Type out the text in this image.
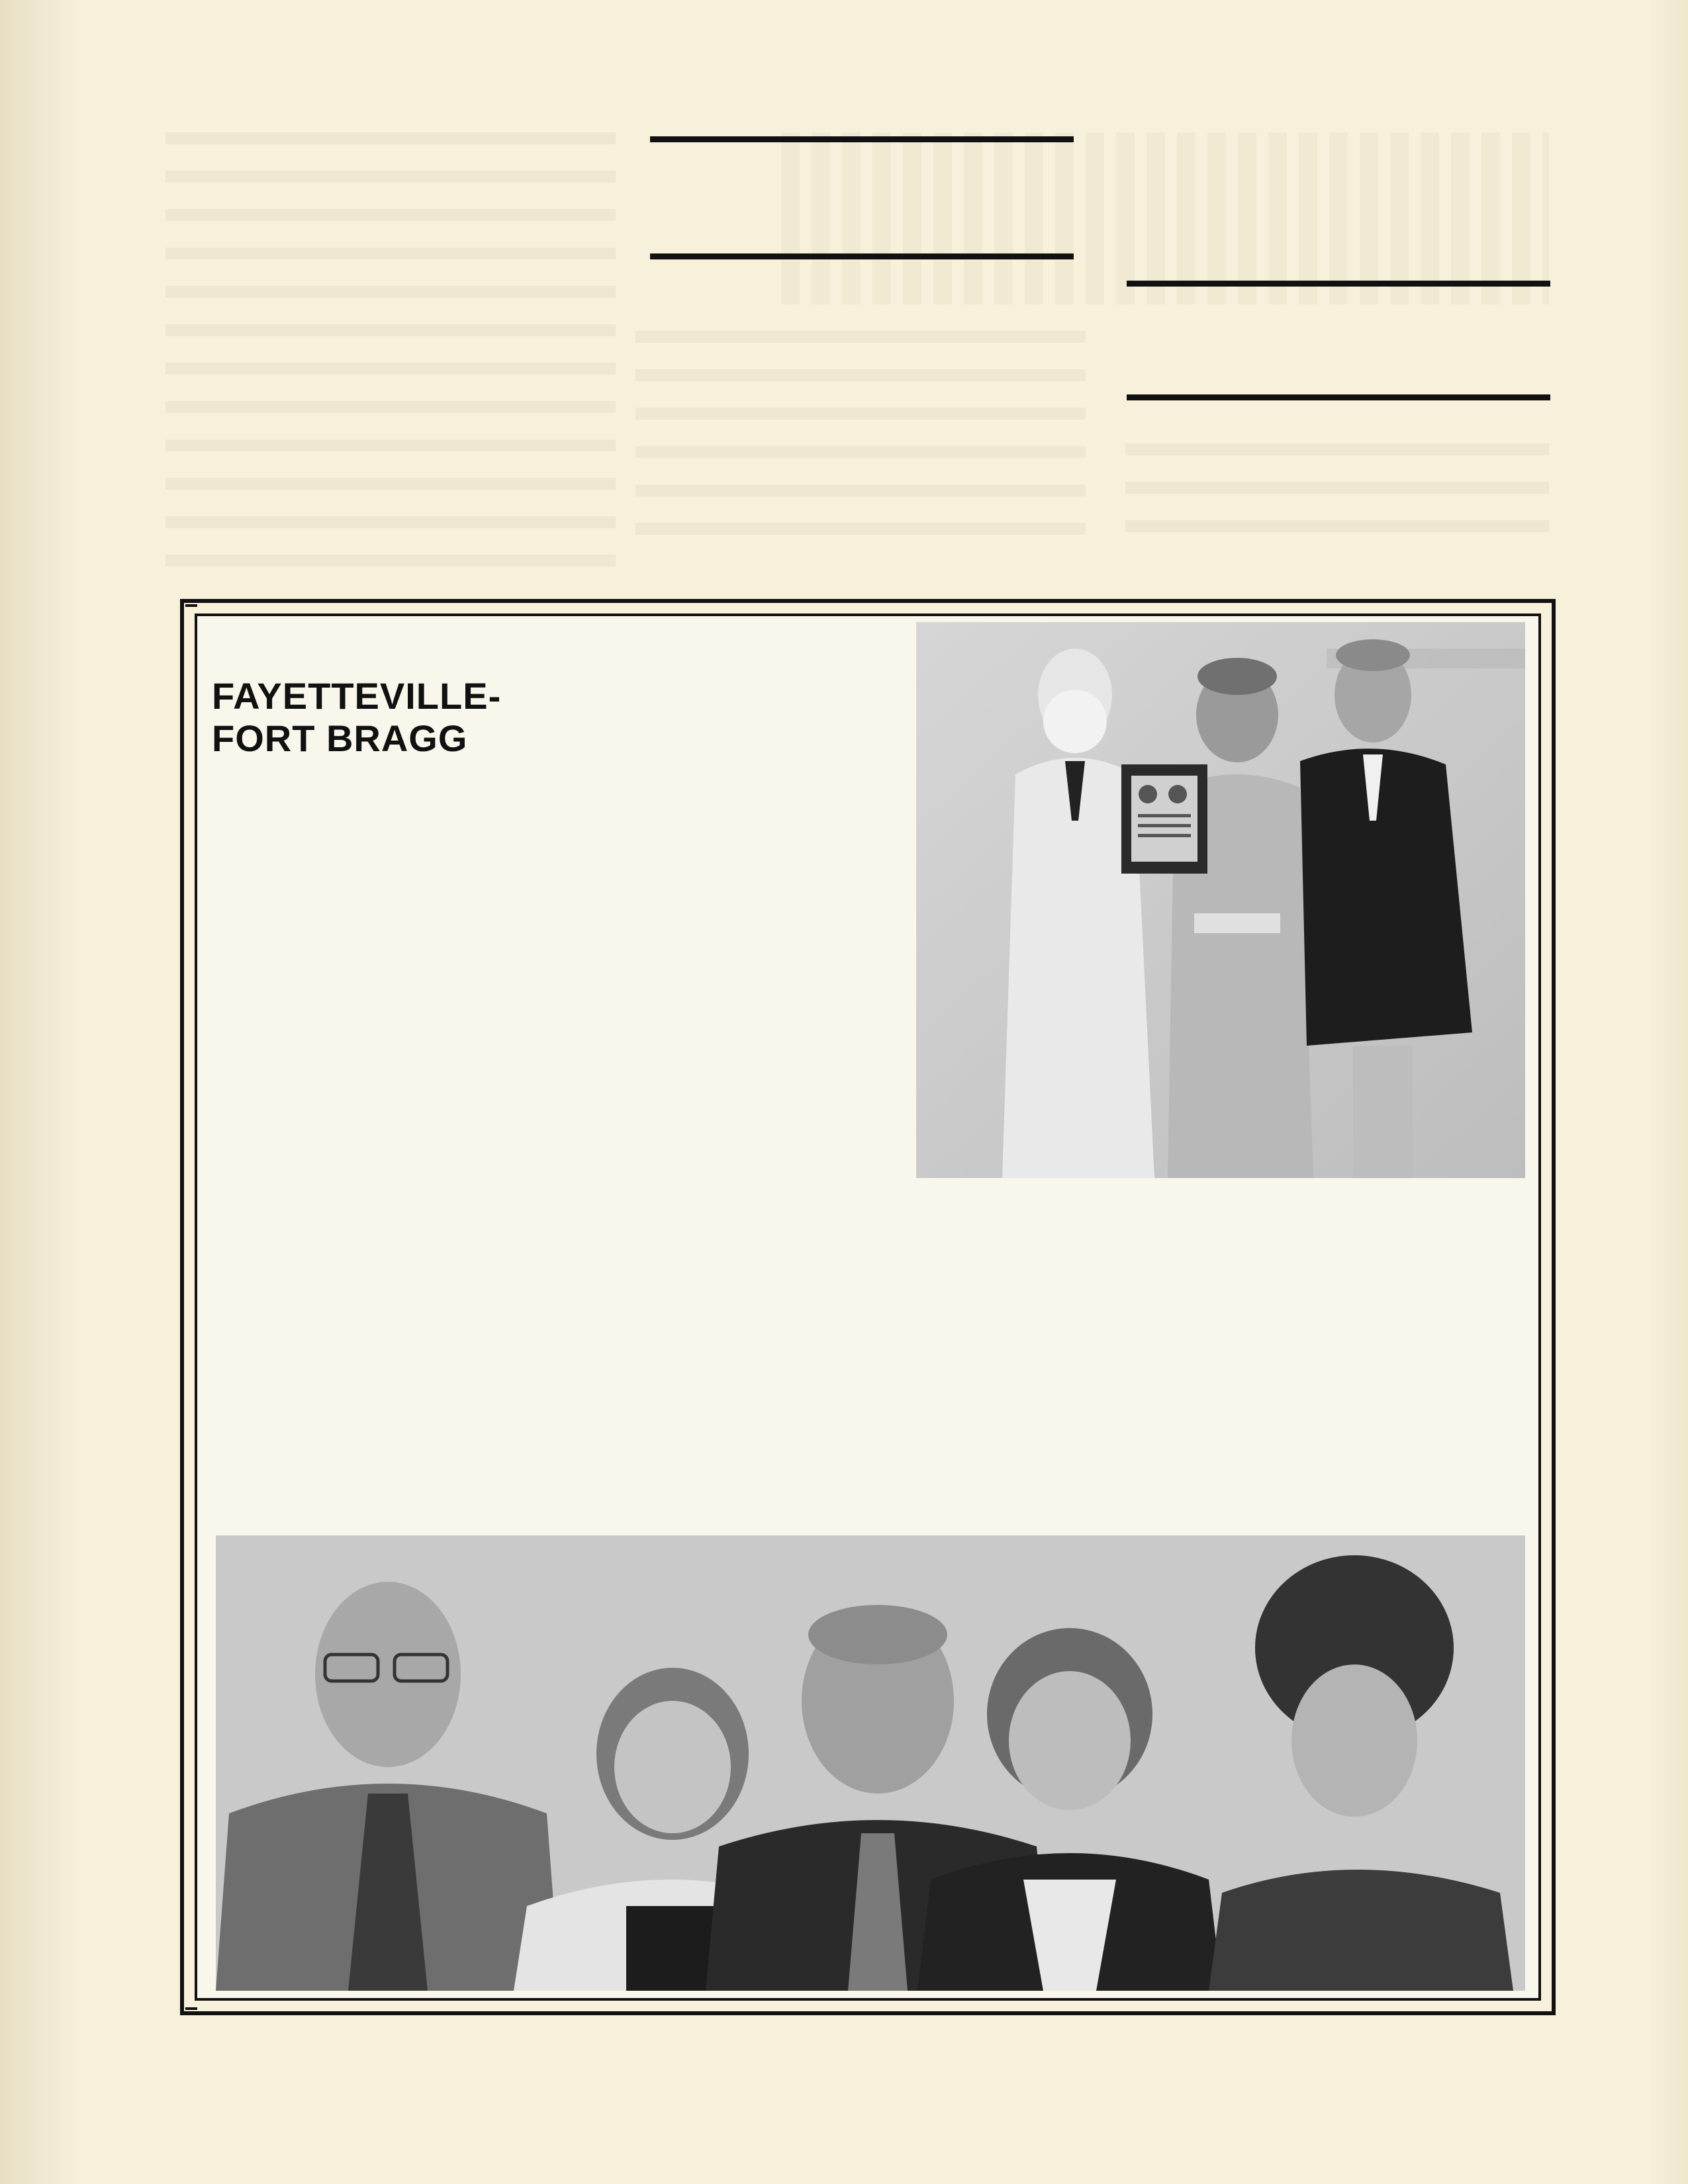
FAYETTEVILLE-
FORT BRAGG
